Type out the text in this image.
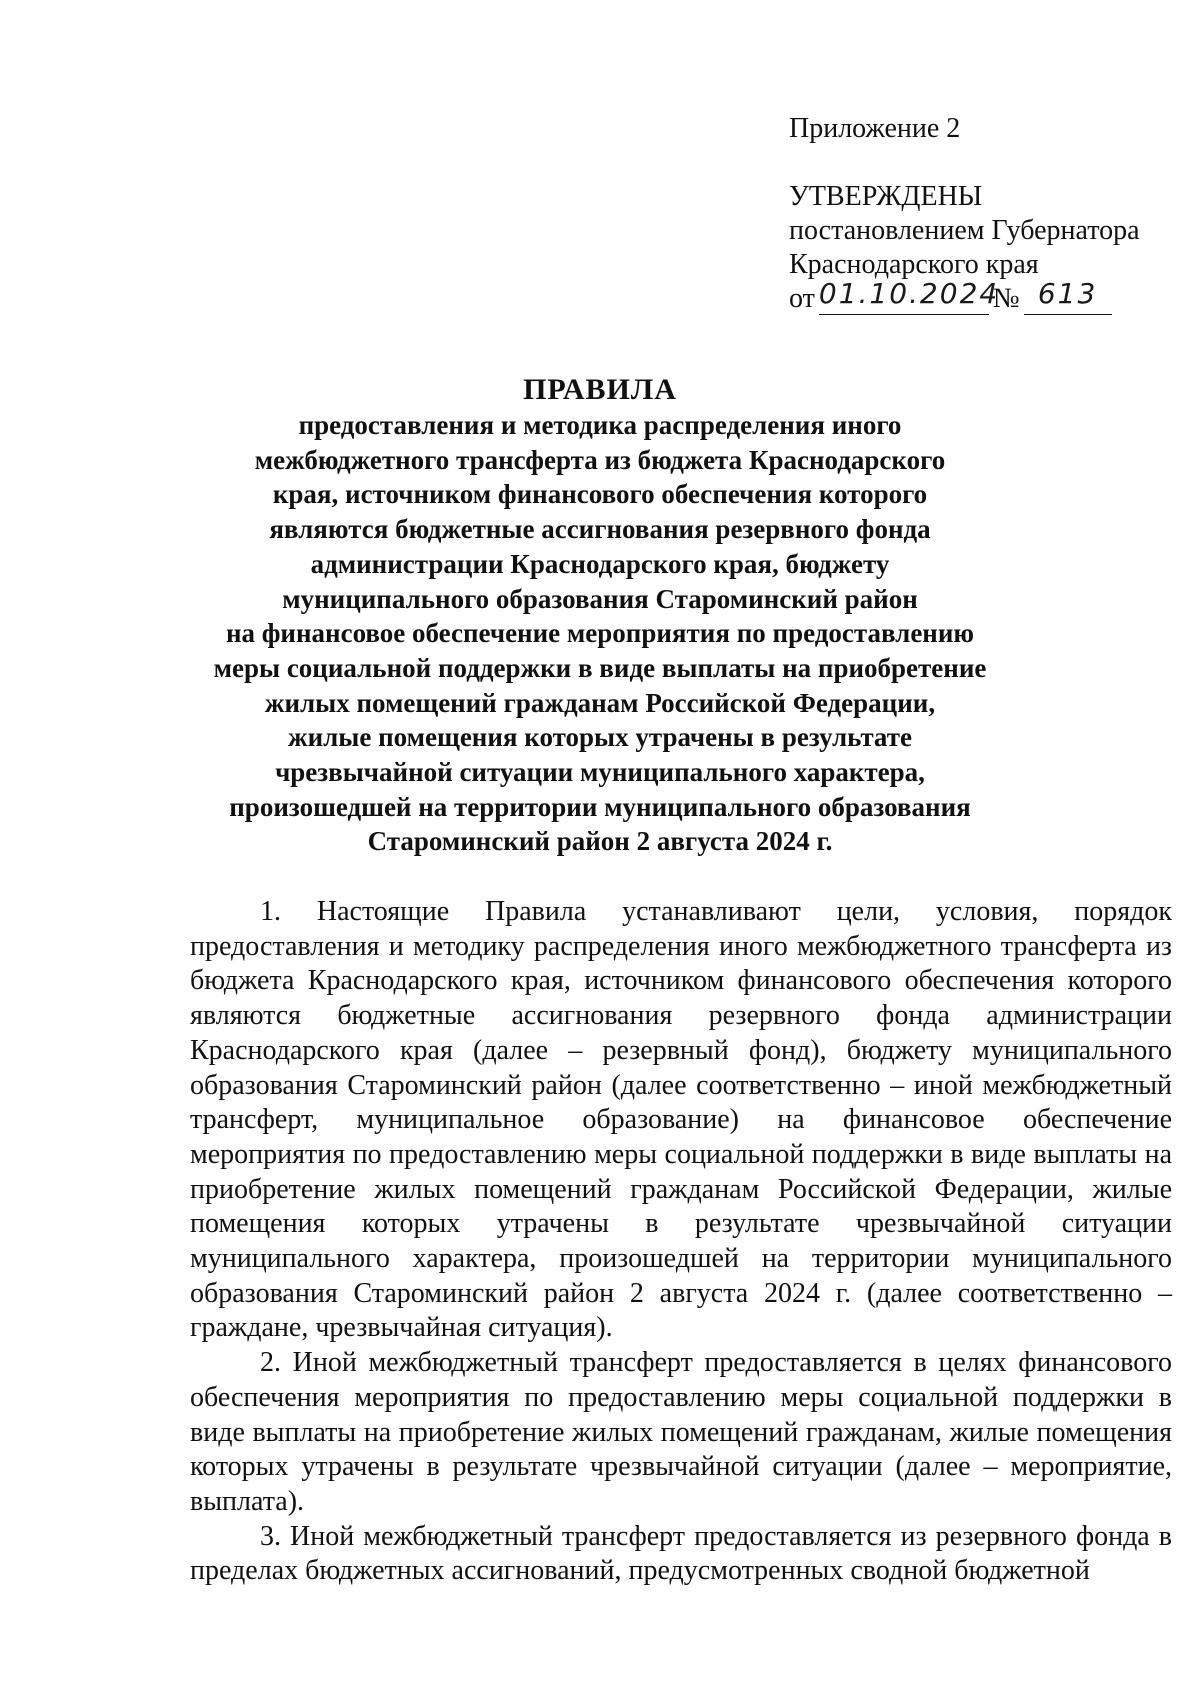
Приложение 2
УТВЕРЖДЕНЫ
постановлением Губернатора
Краснодарского края
от 01.10.2024№ 613
ПРАВИЛА
предоставления и методика распределения иного
межбюджетного трансферта из бюджета Краснодарского
края, источником финансового обеспечения которого
являются бюджетные ассигнования резервного фонда
администрации Краснодарского края, бюджету
муниципального образования Староминский район
на финансовое обеспечение мероприятия по предоставлению
меры социальной поддержки в виде выплаты на приобретение
жилых помещений гражданам Российской Федерации,
жилые помещения которых утрачены в результате
чрезвычайной ситуации муниципального характера,
произошедшей на территории муниципального образования
Староминский район 2 августа 2024 г.

1. Настоящие Правила устанавливают цели, условия, порядок предоставления и методику распределения иного межбюджетного трансферта из бюджета Краснодарского края, источником финансового обеспечения которого являются бюджетные ассигнования резервного фонда администрации Краснодарского края (далее – резервный фонд), бюджету муниципального образования Староминский район (далее соответственно – иной межбюджетный трансферт, муниципальное образование) на финансовое обеспечение мероприятия по предоставлению меры социальной поддержки в виде выплаты на приобретение жилых помещений гражданам Российской Федерации, жилые помещения которых утрачены в результате чрезвычайной ситуации муниципального характера, произошедшей на территории муниципального образования Староминский район 2 августа 2024 г. (далее соответственно – граждане, чрезвычайная ситуация).

2. Иной межбюджетный трансферт предоставляется в целях финансового обеспечения мероприятия по предоставлению меры социальной поддержки в виде выплаты на приобретение жилых помещений гражданам, жилые помещения которых утрачены в результате чрезвычайной ситуации (далее – мероприятие, выплата).

3. Иной межбюджетный трансферт предоставляется из резервного фонда в пределах бюджетных ассигнований, предусмотренных сводной бюджетной
